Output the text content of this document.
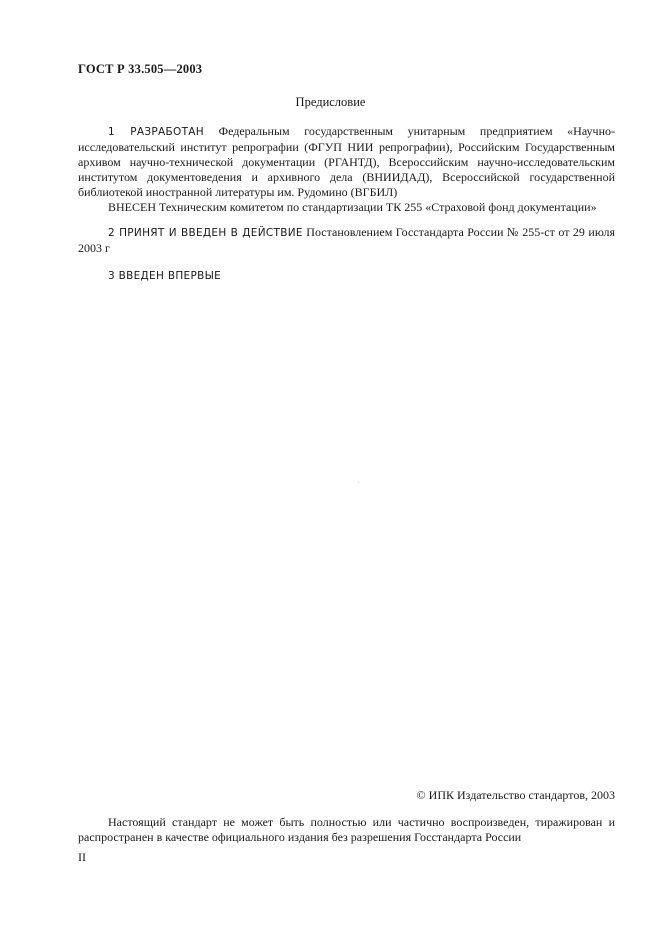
ГОСТ Р 33.505—2003
Предисловие
1 РАЗРАБОТАН Федеральным государственным унитарным предприятием «Научно-исследовательский институт репрографии (ФГУП НИИ репрографии), Российским Государственным архивом научно-технической документации (РГАНТД), Всероссийским научно-исследовательским институтом документоведения и архивного дела (ВНИИДАД), Всероссийской государственной библиотекой иностранной литературы им. Рудомино (ВГБИЛ)
ВНЕСЕН Техническим комитетом по стандартизации ТК 255 «Страховой фонд документации»
2 ПРИНЯТ И ВВЕДЕН В ДЕЙСТВИЕ Постановлением Госстандарта России № 255-ст от 29 июля 2003 г
3 ВВЕДЕН ВПЕРВЫЕ
© ИПК Издательство стандартов, 2003
Настоящий стандарт не может быть полностью или частично воспроизведен, тиражирован и распространен в качестве официального издания без разрешения Госстандарта России
II
